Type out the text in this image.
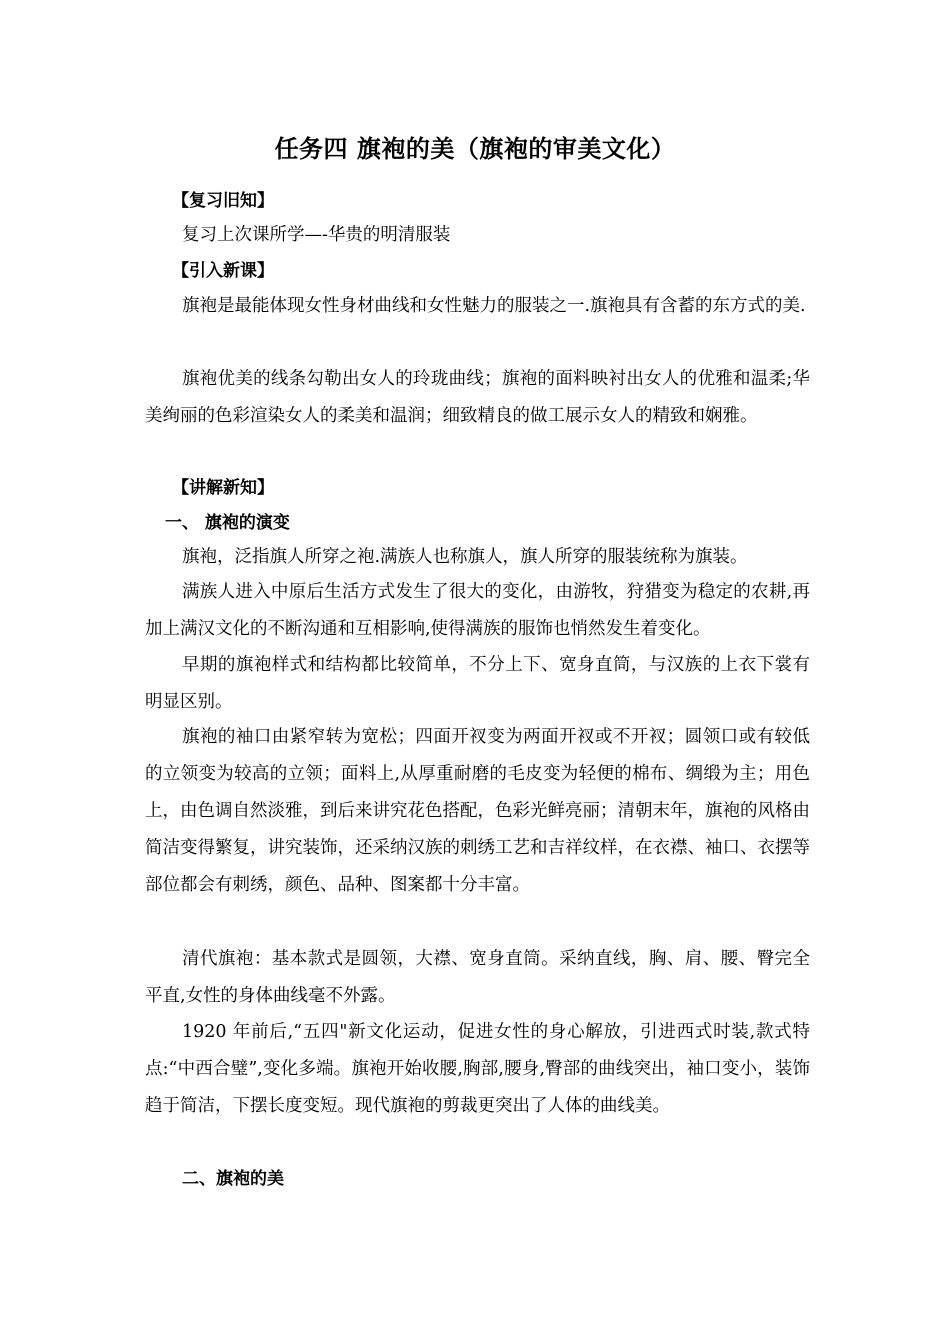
任务四 旗袍的美（旗袍的审美文化）
【复习旧知】
复习上次课所学—-华贵的明清服装
【引入新课】
旗袍是最能体现女性身材曲线和女性魅力的服装之一.旗袍具有含蓄的东方式的美.
旗袍优美的线条勾勒出女人的玲珑曲线；旗袍的面料映衬出女人的优雅和温柔;华美绚丽的色彩渲染女人的柔美和温润；细致精良的做工展示女人的精致和娴雅。
【讲解新知】
一、 旗袍的演变
旗袍，泛指旗人所穿之袍.满族人也称旗人，旗人所穿的服装统称为旗装。
满族人进入中原后生活方式发生了很大的变化，由游牧，狩猎变为稳定的农耕,再加上满汉文化的不断沟通和互相影响,使得满族的服饰也悄然发生着变化。
早期的旗袍样式和结构都比较简单，不分上下、宽身直筒，与汉族的上衣下裳有明显区别。
旗袍的袖口由紧窄转为宽松；四面开衩变为两面开衩或不开衩；圆领口或有较低的立领变为较高的立领；面料上,从厚重耐磨的毛皮变为轻便的棉布、绸缎为主；用色上，由色调自然淡雅，到后来讲究花色搭配，色彩光鲜亮丽；清朝末年，旗袍的风格由简洁变得繁复，讲究装饰，还采纳汉族的刺绣工艺和吉祥纹样，在衣襟、袖口、衣摆等部位都会有刺绣，颜色、品种、图案都十分丰富。
清代旗袍：基本款式是圆领，大襟、宽身直筒。采纳直线，胸、肩、腰、臀完全平直,女性的身体曲线毫不外露。
1920 年前后,“五四"新文化运动，促进女性的身心解放，引进西式时装,款式特点:“中西合璧”,变化多端。旗袍开始收腰,胸部,腰身,臀部的曲线突出，袖口变小，装饰趋于简洁，下摆长度变短。现代旗袍的剪裁更突出了人体的曲线美。
二、旗袍的美
